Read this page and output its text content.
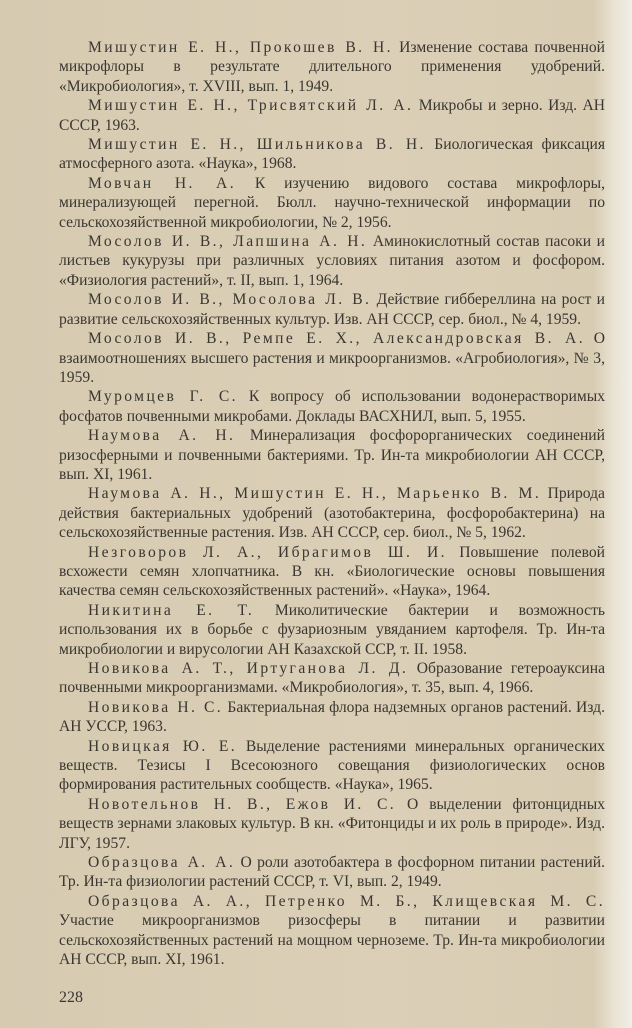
Мишустин Е. Н., Прокошев В. Н. Изменение состава почвенной микрофлоры в результате длительного применения удобрений. «Микробиология», т. XVIII, вып. 1, 1949.

Мишустин Е. Н., Трисвятский Л. А. Микробы и зерно. Изд. АН СССР, 1963.

Мишустин Е. Н., Шильникова В. Н. Биологическая фиксация атмосферного азота. «Наука», 1968.

Мовчан Н. А. К изучению видового состава микрофлоры, минерализующей перегной. Бюлл. научно-технической информации по сельскохозяйственной микробиологии, № 2, 1956.

Мосолов И. В., Лапшина А. Н. Аминокислотный состав пасоки и листьев кукурузы при различных условиях питания азотом и фосфором. «Физиология растений», т. II, вып. 1, 1964.

Мосолов И. В., Мосолова Л. В. Действие гиббереллина на рост и развитие сельскохозяйственных культур. Изв. АН СССР, сер. биол., № 4, 1959.

Мосолов И. В., Ремпе Е. Х., Александровская В. А. О взаимоотношениях высшего растения и микроорганизмов. «Агробиология», № 3, 1959.

Муромцев Г. С. К вопросу об использовании водонерастворимых фосфатов почвенными микробами. Доклады ВАСХНИЛ, вып. 5, 1955.

Наумова А. Н. Минерализация фосфорорганических соединений ризосферными и почвенными бактериями. Тр. Ин-та микробиологии АН СССР, вып. XI, 1961.

Наумова А. Н., Мишустин Е. Н., Марьенко В. М. Природа действия бактериальных удобрений (азотобактерина, фосфоробактерина) на сельскохозяйственные растения. Изв. АН СССР, сер. биол., № 5, 1962.

Незговоров Л. А., Ибрагимов Ш. И. Повышение полевой всхожести семян хлопчатника. В кн. «Биологические основы повышения качества семян сельскохозяйственных растений». «Наука», 1964.

Никитина Е. Т. Миколитические бактерии и возможность использования их в борьбе с фузариозным увяданием картофеля. Тр. Ин-та микробиологии и вирусологии АН Казахской ССР, т. II. 1958.

Новикова А. Т., Иртуганова Л. Д. Образование гетероауксина почвенными микроорганизмами. «Микробиология», т. 35, вып. 4, 1966.

Новикова Н. С. Бактериальная флора надземных органов растений. Изд. АН УССР, 1963.

Новицкая Ю. Е. Выделение растениями минеральных органических веществ. Тезисы I Всесоюзного совещания физиологических основ формирования растительных сообществ. «Наука», 1965.

Новотельнов Н. В., Ежов И. С. О выделении фитонцидных веществ зернами злаковых культур. В кн. «Фитонциды и их роль в природе». Изд. ЛГУ, 1957.

Образцова А. А. О роли азотобактера в фосфорном питании растений. Тр. Ин-та физиологии растений СССР, т. VI, вып. 2, 1949.

Образцова А. А., Петренко М. Б., Клищевская М. С. Участие микроорганизмов ризосферы в питании и развитии сельскохозяйственных растений на мощном черноземе. Тр. Ин-та микробиологии АН СССР, вып. XI, 1961.

228
